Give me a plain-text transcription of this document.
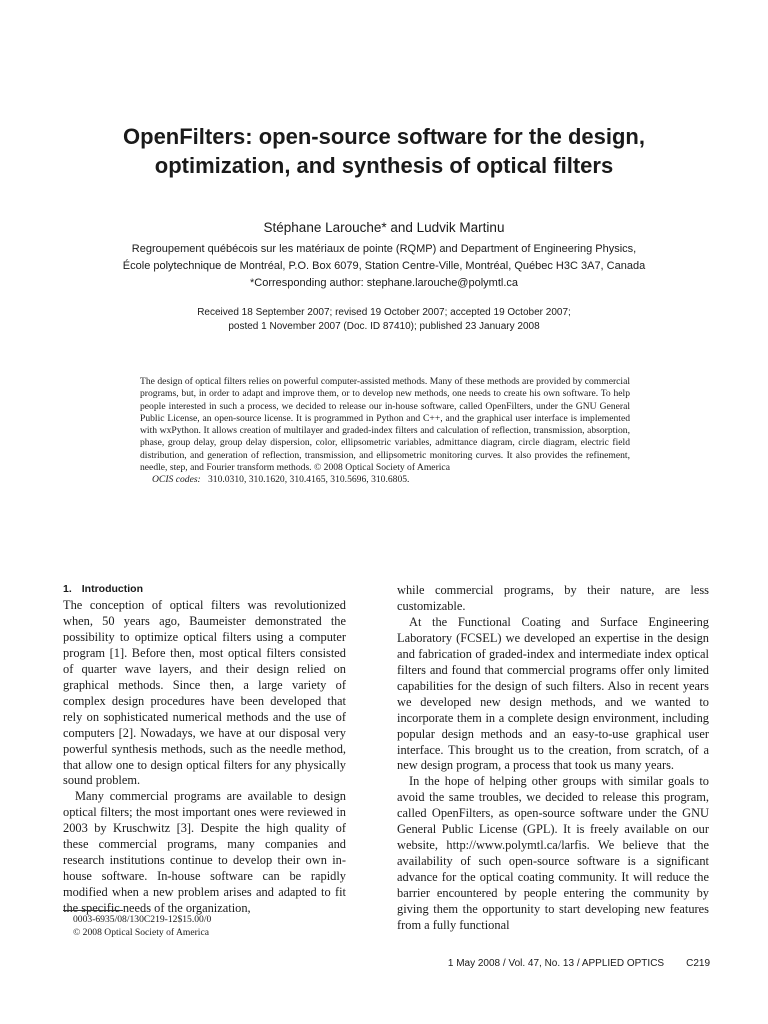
OpenFilters: open-source software for the design,
optimization, and synthesis of optical filters
Stéphane Larouche* and Ludvik Martinu
Regroupement québécois sur les matériaux de pointe (RQMP) and Department of Engineering Physics,
École polytechnique de Montréal, P.O. Box 6079, Station Centre-Ville, Montréal, Québec H3C 3A7, Canada
*Corresponding author: stephane.larouche@polymtl.ca
Received 18 September 2007; revised 19 October 2007; accepted 19 October 2007;
posted 1 November 2007 (Doc. ID 87410); published 23 January 2008

The design of optical filters relies on powerful computer-assisted methods. Many of these methods are provided by commercial programs, but, in order to adapt and improve them, or to develop new methods, one needs to create his own software. To help people interested in such a process, we decided to release our in-house software, called OpenFilters, under the GNU General Public License, an open-source license. It is programmed in Python and C++, and the graphical user interface is implemented with wxPython. It allows creation of multilayer and graded-index filters and calculation of reflection, transmission, absorption, phase, group delay, group delay dispersion, color, ellipsometric variables, admittance diagram, circle diagram, electric field distribution, and generation of reflection, transmission, and ellipsometric monitoring curves. It also provides the refinement, needle, step, and Fourier transform methods. © 2008 Optical Society of America

OCIS codes: 310.0310, 310.1620, 310.4165, 310.5696, 310.6805.

1. Introduction

The conception of optical filters was revolutionized when, 50 years ago, Baumeister demonstrated the possibility to optimize optical filters using a computer program [1]. Before then, most optical filters consisted of quarter wave layers, and their design relied on graphical methods. Since then, a large variety of complex design procedures have been developed that rely on sophisticated numerical methods and the use of computers [2]. Nowadays, we have at our disposal very powerful synthesis methods, such as the needle method, that allow one to design optical filters for any physically sound problem.

Many commercial programs are available to design optical filters; the most important ones were reviewed in 2003 by Kruschwitz [3]. Despite the high quality of these commercial programs, many companies and research institutions continue to develop their own in-house software. In-house software can be rapidly modified when a new problem arises and adapted to fit the specific needs of the organization,

while commercial programs, by their nature, are less customizable.

At the Functional Coating and Surface Engineering Laboratory (FCSEL) we developed an expertise in the design and fabrication of graded-index and intermediate index optical filters and found that commercial programs offer only limited capabilities for the design of such filters. Also in recent years we developed new design methods, and we wanted to incorporate them in a complete design environment, including popular design methods and an easy-to-use graphical user interface. This brought us to the creation, from scratch, of a new design program, a process that took us many years.

In the hope of helping other groups with similar goals to avoid the same troubles, we decided to release this program, called OpenFilters, as open-source software under the GNU General Public License (GPL). It is freely available on our website, http://www.polymtl.ca/larfis. We believe that the availability of such open-source software is a significant advance for the optical coating community. It will reduce the barrier encountered by people entering the community by giving them the opportunity to start developing new features from a fully functional

0003-6935/08/130C219-12$15.00/0
© 2008 Optical Society of America
1 May 2008 / Vol. 47, No. 13 / APPLIED OPTICS C219
